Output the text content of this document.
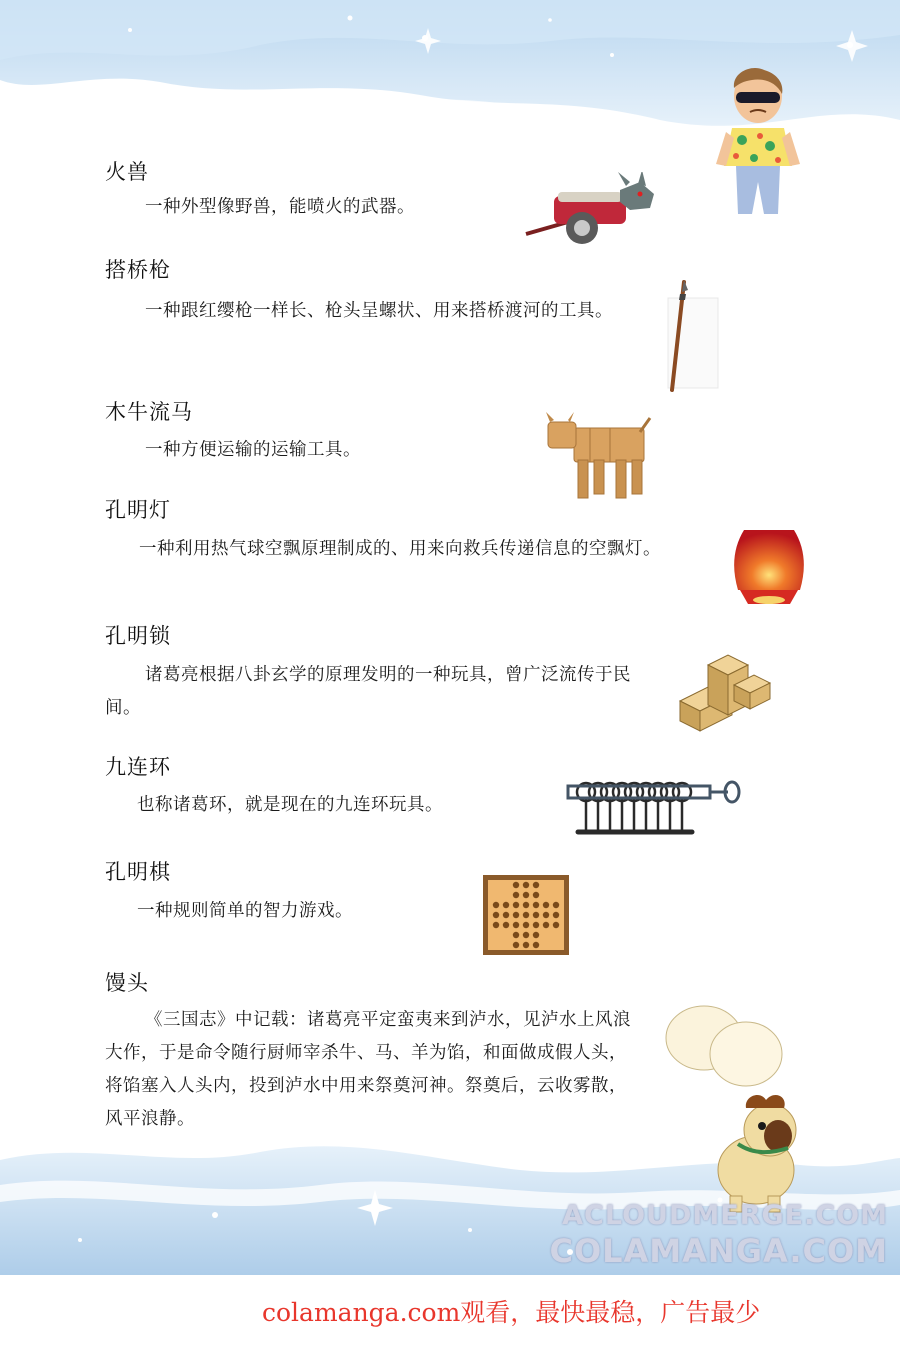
火兽
一种外型像野兽，能喷火的武器。
搭桥枪
一种跟红缨枪一样长、枪头呈螺状、用来搭桥渡河的工具。
木牛流马
一种方便运输的运输工具。
孔明灯
一种利用热气球空飘原理制成的、用来向救兵传递信息的空飘灯。
孔明锁
诸葛亮根据八卦玄学的原理发明的一种玩具，曾广泛流传于民间。
九连环
也称诸葛环，就是现在的九连环玩具。
孔明棋
一种规则简单的智力游戏。
馒头
《三国志》中记载：诸葛亮平定蛮夷来到泸水，见泸水上风浪大作，于是命令随行厨师宰杀牛、马、羊为馅，和面做成假人头，将馅塞入人头内，投到泸水中用来祭奠河神。祭奠后，云收雾散，风平浪静。
ACLOUDMERGE.COM
COLAMANGA.COM
colamanga.com观看，最快最稳，广告最少
